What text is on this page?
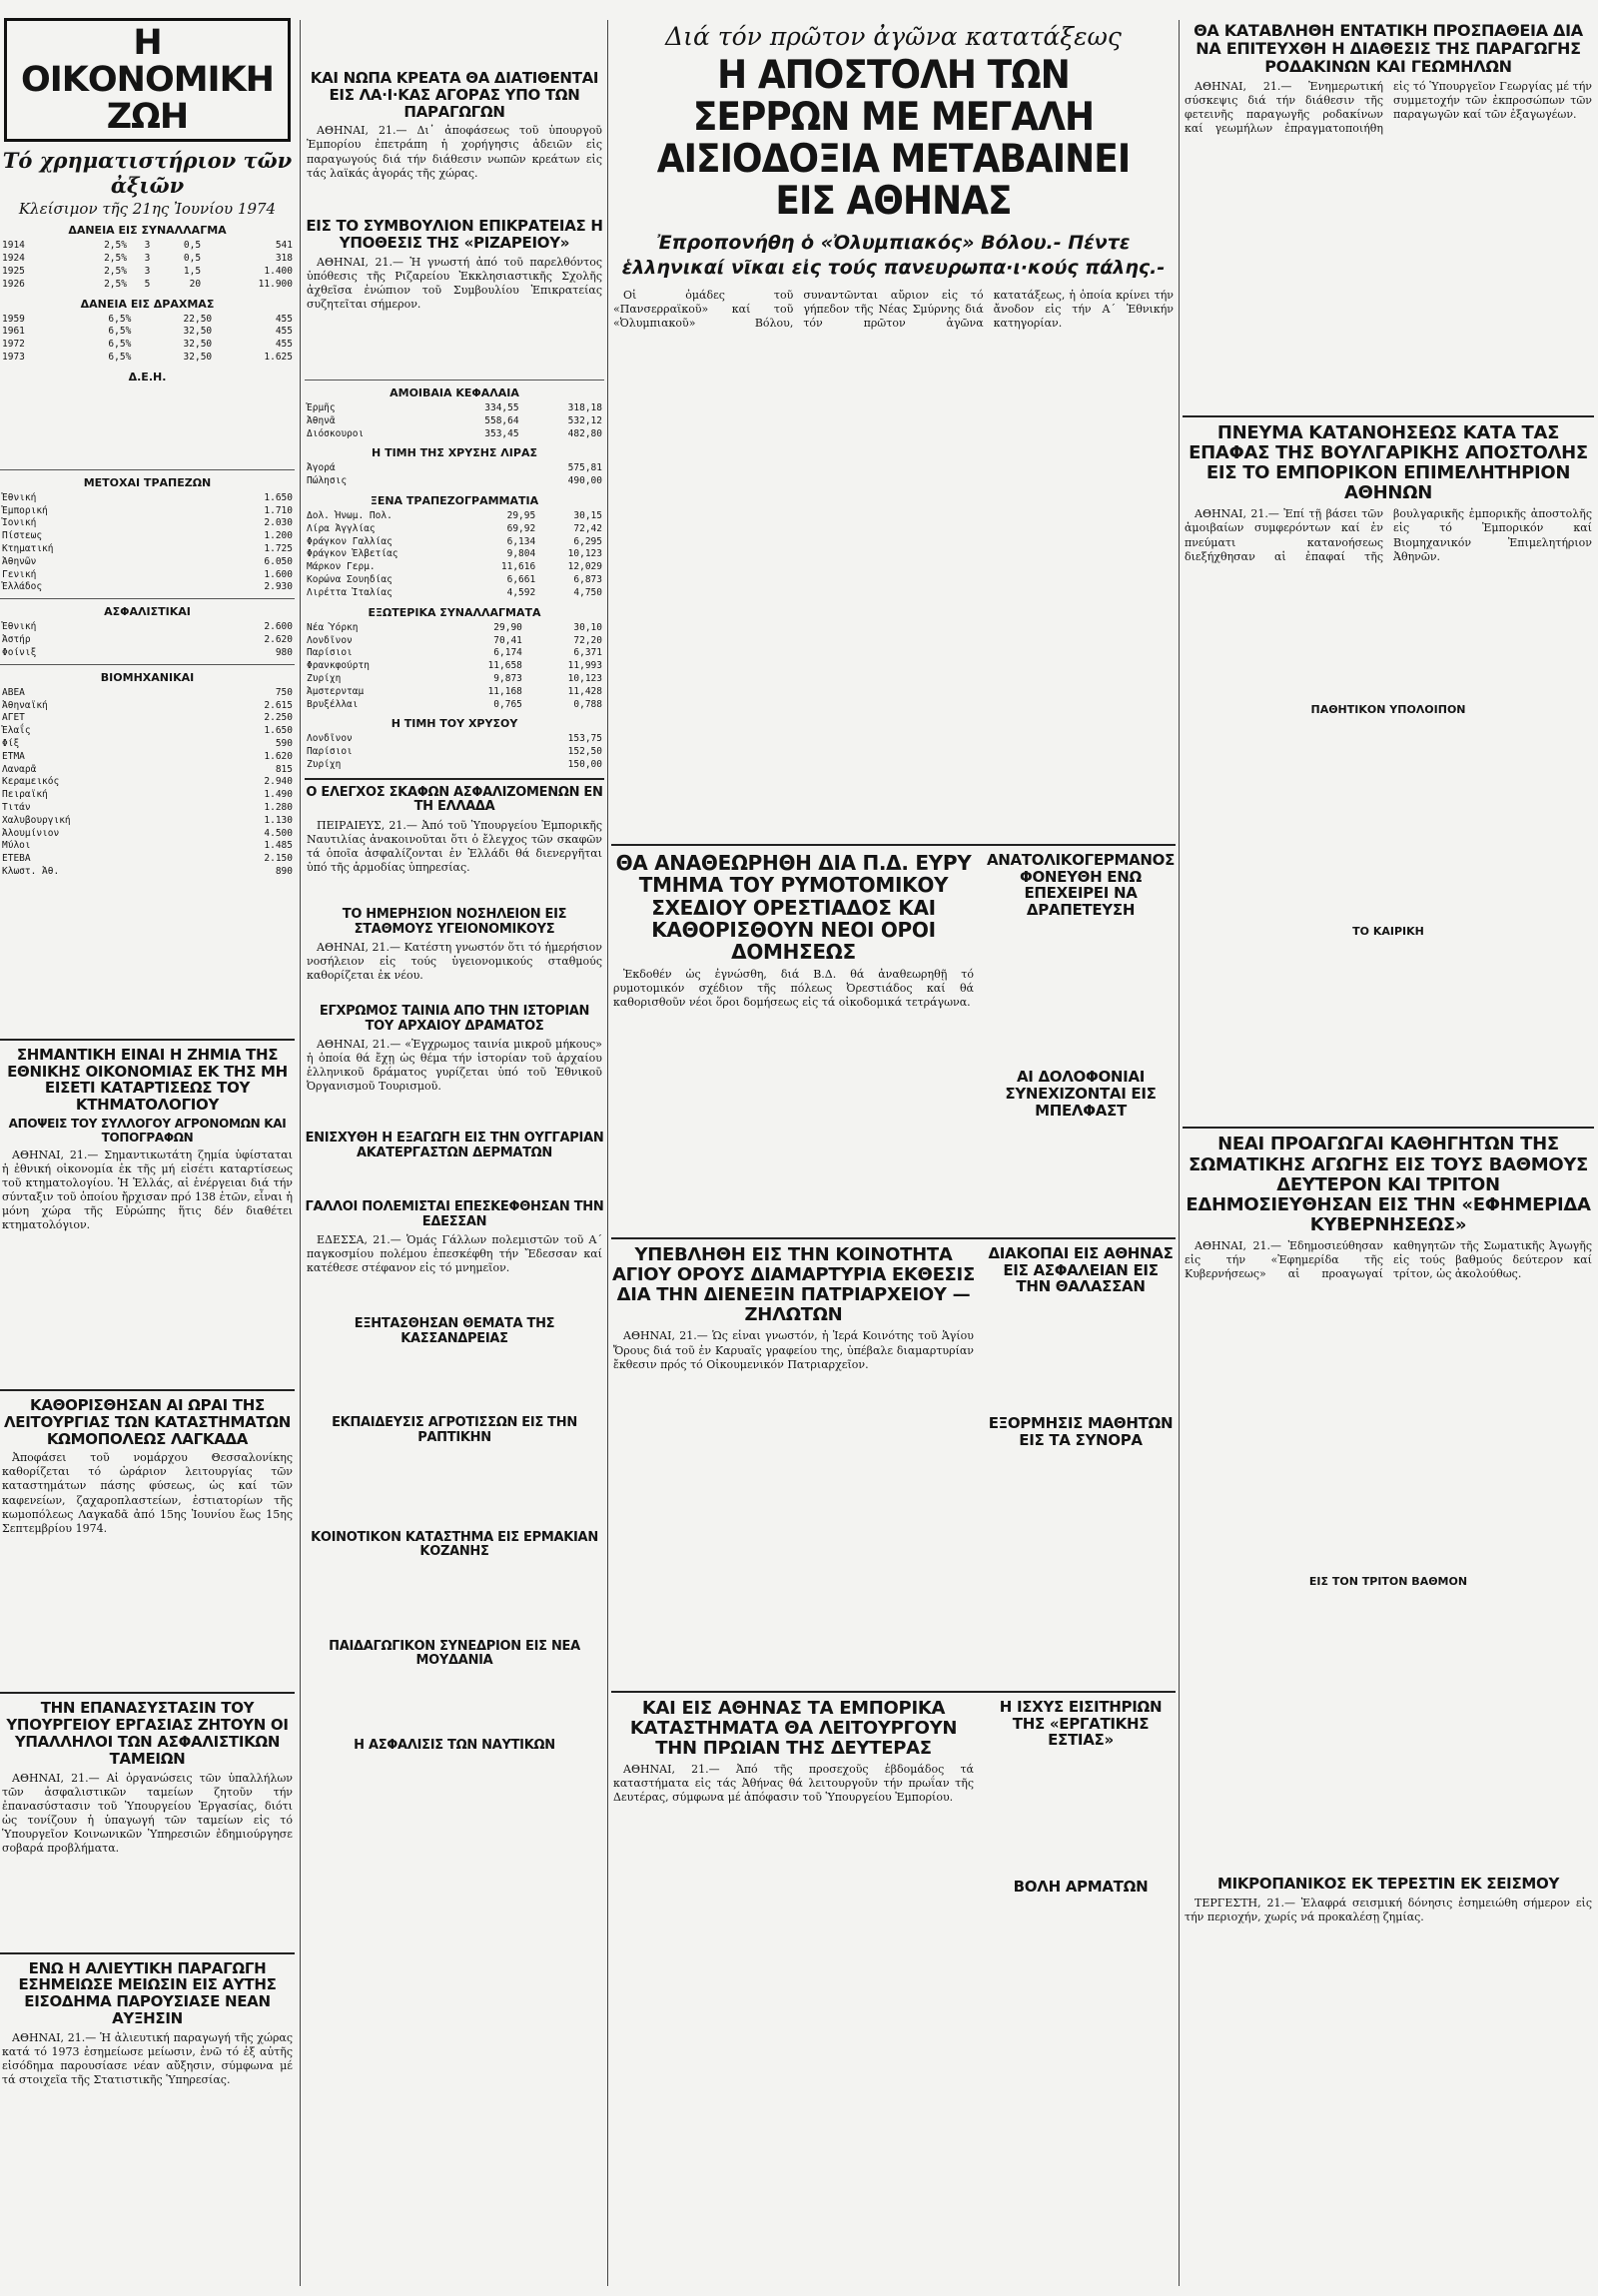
Η ΟΙΚΟΝΟΜΙΚΗ ΖΩΗ
Τό χρηματιστήριον τῶν ἀξιῶν
Κλείσιμον τῆς 21ης Ἰουνίου 1974
ΔΑΝΕΙΑ ΕΙΣ ΣΥΝΑΛΛΑΓΜΑ
1914	2,5%	3	0,5	541
1924	2,5%	3	0,5	318
1925	2,5%	3	1,5	1.400
1926	2,5%	5	20	11.900
ΔΑΝΕΙΑ ΕΙΣ ΔΡΑΧΜΑΣ
1959	6,5%	22,50	455
1961	6,5%	32,50	455
1972	6,5%	32,50	455
1973	6,5%	32,50	1.625
Δ.Ε.Η.
ΜΕΤΟΧΑΙ ΤΡΑΠΕΖΩΝ
Ἐθνική	1.650
Ἐμπορική	1.710
Ἰονική	2.030
Πίστεως	1.200
Κτηματική	1.725
Ἀθηνῶν	6.050
Γενική	1.600
Ἑλλάδος	2.930
ΑΣΦΑΛΙΣΤΙΚΑΙ
Ἐθνική	2.600
Ἀστήρ	2.620
Φοίνιξ	980
ΒΙΟΜΗΧΑΝΙΚΑΙ
ΑΒΕΑ	750
Ἀθηναϊκή	2.615
ΑΓΕΤ	2.250
Ἐλαΐς	1.650
Φίξ	590
ΕΤΜΑ	1.620
Λαναρᾶ	815
Κεραμεικός	2.940
Πειραϊκή	1.490
Τιτάν	1.280
Χαλυβουργική	1.130
Ἀλουμίνιον	4.500
Μύλοι	1.485
ΕΤΕΒΑ	2.150
Κλωστ. Ἀθ.	890
ΣΗΜΑΝΤΙΚΗ ΕΙΝΑΙ Η ΖΗΜΙΑ ΤΗΣ ΕΘΝΙΚΗΣ ΟΙΚΟΝΟΜΙΑΣ ΕΚ ΤΗΣ ΜΗ ΕΙΣΕΤΙ ΚΑΤΑΡΤΙΣΕΩΣ ΤΟΥ ΚΤΗΜΑΤΟΛΟΓΙΟΥ
ΑΠΟΨΕΙΣ ΤΟΥ ΣΥΛΛΟΓΟΥ ΑΓΡΟΝΟΜΩΝ ΚΑΙ ΤΟΠΟΓΡΑΦΩΝ

ΑΘΗΝΑΙ, 21.— Σημαντικωτάτη ζημία ὑφίσταται ἡ ἐθνική οἰκονομία ἐκ τῆς μή εἰσέτι καταρτίσεως τοῦ κτηματολογίου. Ἡ Ἑλλάς, αἱ ἐνέργειαι διά τήν σύνταξιν τοῦ ὁποίου ἤρχισαν πρό 138 ἐτῶν, εἶναι ἡ μόνη χώρα τῆς Εὐρώπης ἥτις δέν διαθέτει κτηματολόγιον.

ΚΑΘΟΡΙΣΘΗΣΑΝ ΑΙ ΩΡΑΙ ΤΗΣ ΛΕΙΤΟΥΡΓΙΑΣ ΤΩΝ ΚΑΤΑΣΤΗΜΑΤΩΝ ΚΩΜΟΠΟΛΕΩΣ ΛΑΓΚΑΔΑ

Ἀποφάσει τοῦ νομάρχου Θεσσαλονίκης καθορίζεται τό ὡράριον λειτουργίας τῶν καταστημάτων πάσης φύσεως, ὡς καί τῶν καφενείων, ζαχαροπλαστείων, ἐστιατορίων τῆς κωμοπόλεως Λαγκαδᾶ ἀπό 15ης Ἰουνίου ἕως 15ης Σεπτεμβρίου 1974.

ΤΗΝ ΕΠΑΝΑΣΥΣΤΑΣΙΝ ΤΟΥ ΥΠΟΥΡΓΕΙΟΥ ΕΡΓΑΣΙΑΣ ΖΗΤΟΥΝ ΟΙ ΥΠΑΛΛΗΛΟΙ ΤΩΝ ΑΣΦΑΛΙΣΤΙΚΩΝ ΤΑΜΕΙΩΝ

ΑΘΗΝΑΙ, 21.— Αἱ ὀργανώσεις τῶν ὑπαλλήλων τῶν ἀσφαλιστικῶν ταμείων ζητοῦν τήν ἐπανασύστασιν τοῦ Ὑπουργείου Ἐργασίας, διότι ὡς τονίζουν ἡ ὑπαγωγή τῶν ταμείων εἰς τό Ὑπουργεῖον Κοινωνικῶν Ὑπηρεσιῶν ἐδημιούργησε σοβαρά προβλήματα.

ΕΝΩ Η ΑΛΙΕΥΤΙΚΗ ΠΑΡΑΓΩΓΗ ΕΣΗΜΕΙΩΣΕ ΜΕΙΩΣΙΝ ΕΙΣ ΑΥΤΗΣ ΕΙΣΟΔΗΜΑ ΠΑΡΟΥΣΙΑΣΕ ΝΕΑΝ ΑΥΞΗΣΙΝ

ΑΘΗΝΑΙ, 21.— Ἡ ἀλιευτική παραγωγή τῆς χώρας κατά τό 1973 ἐσημείωσε μείωσιν, ἐνῶ τό ἐξ αὐτῆς εἰσόδημα παρουσίασε νέαν αὔξησιν, σύμφωνα μέ τά στοιχεῖα τῆς Στατιστικῆς Ὑπηρεσίας.

ΚΑΙ ΝΩΠΑ ΚΡΕΑΤΑ ΘΑ ΔΙΑΤΙΘΕΝΤΑΙ ΕΙΣ ΛΑ·Ι·ΚΑΣ ΑΓΟΡΑΣ ΥΠΟ ΤΩΝ ΠΑΡΑΓΩΓΩΝ

ΑΘΗΝΑΙ, 21.— Δι᾽ ἀποφάσεως τοῦ ὑπουργοῦ Ἐμπορίου ἐπετράπη ἡ χορήγησις ἀδειῶν εἰς παραγωγούς διά τήν διάθεσιν νωπῶν κρεάτων εἰς τάς λαϊκάς ἀγοράς τῆς χώρας.

ΕΙΣ ΤΟ ΣΥΜΒΟΥΛΙΟΝ ΕΠΙΚΡΑΤΕΙΑΣ Η ΥΠΟΘΕΣΙΣ ΤΗΣ «ΡΙΖΑΡΕΙΟΥ»

ΑΘΗΝΑΙ, 21.— Ἡ γνωστή ἀπό τοῦ παρελθόντος ὑπόθεσις τῆς Ριζαρείου Ἐκκλησιαστικῆς Σχολῆς ἀχθεῖσα ἐνώπιον τοῦ Συμβουλίου Ἐπικρατείας συζητεῖται σήμερον.

ΑΜΟΙΒΑΙΑ ΚΕΦΑΛΑΙΑ
Ἑρμῆς	334,55	318,18
Ἀθηνᾶ	558,64	532,12
Διόσκουροι	353,45	482,80
Η ΤΙΜΗ ΤΗΣ ΧΡΥΣΗΣ ΛΙΡΑΣ
Ἀγορά	575,81
Πώλησις	490,00
ΞΕΝΑ ΤΡΑΠΕΖΟΓΡΑΜΜΑΤΙΑ
Δολ. Ἡνωμ. Πολ.	29,95	30,15
Λίρα Ἀγγλίας	69,92	72,42
Φράγκον Γαλλίας	6,134	6,295
Φράγκον Ἑλβετίας	9,804	10,123
Μάρκον Γερμ.	11,616	12,029
Κορώνα Σουηδίας	6,661	6,873
Λιρέττα Ἰταλίας	4,592	4,750
ΕΞΩΤΕΡΙΚΑ ΣΥΝΑΛΛΑΓΜΑΤΑ
Νέα Ὑόρκη	29,90	30,10
Λονδῖνον	70,41	72,20
Παρίσιοι	6,174	6,371
Φρανκφούρτη	11,658	11,993
Ζυρίχη	9,873	10,123
Ἀμστερνταμ	11,168	11,428
Βρυξέλλαι	0,765	0,788
Η ΤΙΜΗ ΤΟΥ ΧΡΥΣΟΥ
Λονδῖνον	153,75
Παρίσιοι	152,50
Ζυρίχη	150,00
Ο ΕΛΕΓΧΟΣ ΣΚΑΦΩΝ ΑΣΦΑΛΙΖΟΜΕΝΩΝ ΕΝ ΤΗ ΕΛΛΑΔΑ

ΠΕΙΡΑΙΕΥΣ, 21.— Ἀπό τοῦ Ὑπουργείου Ἐμπορικῆς Ναυτιλίας ἀνακοινοῦται ὅτι ὁ ἔλεγχος τῶν σκαφῶν τά ὁποῖα ἀσφαλίζονται ἐν Ἑλλάδι θά διενεργῆται ὑπό τῆς ἁρμοδίας ὑπηρεσίας.

ΤΟ ΗΜΕΡΗΣΙΟΝ ΝΟΣΗΛΕΙΟΝ ΕΙΣ ΣΤΑΘΜΟΥΣ ΥΓΕΙΟΝΟΜΙΚΟΥΣ

ΑΘΗΝΑΙ, 21.— Κατέστη γνωστόν ὅτι τό ἡμερήσιον νοσήλειον εἰς τούς ὑγειονομικούς σταθμούς καθορίζεται ἐκ νέου.

ΕΓΧΡΩΜΟΣ ΤΑΙΝΙΑ ΑΠΟ ΤΗΝ ΙΣΤΟΡΙΑΝ ΤΟΥ ΑΡΧΑΙΟΥ ΔΡΑΜΑΤΟΣ

ΑΘΗΝΑΙ, 21.— «Ἐγχρωμος ταινία μικροῦ μήκους» ἡ ὁποία θά ἔχῃ ὡς θέμα τήν ἱστορίαν τοῦ ἀρχαίου ἑλληνικοῦ δράματος γυρίζεται ὑπό τοῦ Ἐθνικοῦ Ὀργανισμοῦ Τουρισμοῦ.

ΕΝΙΣΧΥΘΗ Η ΕΞΑΓΩΓΗ ΕΙΣ ΤΗΝ ΟΥΓΓΑΡΙΑΝ ΑΚΑΤΕΡΓΑΣΤΩΝ ΔΕΡΜΑΤΩΝ
ΓΑΛΛΟΙ ΠΟΛΕΜΙΣΤΑΙ ΕΠΕΣΚΕΦΘΗΣΑΝ ΤΗΝ ΕΔΕΣΣΑΝ

ΕΔΕΣΣΑ, 21.— Ὁμάς Γάλλων πολεμιστῶν τοῦ Α΄ παγκοσμίου πολέμου ἐπεσκέφθη τήν Ἔδεσσαν καί κατέθεσε στέφανον εἰς τό μνημεῖον.

ΕΞΗΤΑΣΘΗΣΑΝ ΘΕΜΑΤΑ ΤΗΣ ΚΑΣΣΑΝΔΡΕΙΑΣ
ΕΚΠΑΙΔΕΥΣΙΣ ΑΓΡΟΤΙΣΣΩΝ ΕΙΣ ΤΗΝ ΡΑΠΤΙΚΗΝ
ΚΟΙΝΟΤΙΚΟΝ ΚΑΤΑΣΤΗΜΑ ΕΙΣ ΕΡΜΑΚΙΑΝ ΚΟΖΑΝΗΣ
ΠΑΙΔΑΓΩΓΙΚΟΝ ΣΥΝΕΔΡΙΟΝ ΕΙΣ ΝΕΑ ΜΟΥΔΑΝΙΑ
Η ΑΣΦΑΛΙΣΙΣ ΤΩΝ ΝΑΥΤΙΚΩΝ
Διά τόν πρῶτον ἀγῶνα κατατάξεως
Η ΑΠΟΣΤΟΛΗ ΤΩΝ ΣΕΡΡΩΝ ΜΕ ΜΕΓΑΛΗ ΑΙΣΙΟΔΟΞΙΑ ΜΕΤΑΒΑΙΝΕΙ ΕΙΣ ΑΘΗΝΑΣ
Ἐπροπονήθη ὁ «Ὀλυμπιακός» Βόλου.- Πέντε ἑλληνικαί νῖκαι εἰς τούς πανευρωπα·ι·κούς πάλης.-

Οἱ ὀμάδες τοῦ «Πανσερραϊκοῦ» καί τοῦ «Ὀλυμπιακοῦ» Βόλου, συναντῶνται αὔριον εἰς τό γήπεδον τῆς Νέας Σμύρνης διά τόν πρῶτον ἀγῶνα κατατάξεως, ἡ ὁποία κρίνει τήν ἄνοδον εἰς τήν Α΄ Ἐθνικήν κατηγορίαν.

ΘΑ ΑΝΑΘΕΩΡΗΘΗ ΔΙΑ Π.Δ. ΕΥΡΥ ΤΜΗΜΑ ΤΟΥ ΡΥΜΟΤΟΜΙΚΟΥ ΣΧΕΔΙΟΥ ΟΡΕΣΤΙΑΔΟΣ ΚΑΙ ΚΑΘΟΡΙΣΘΟΥΝ ΝΕΟΙ ΟΡΟΙ ΔΟΜΗΣΕΩΣ

Ἐκδοθέν ὡς ἐγνώσθη, διά Β.Δ. θά ἀναθεωρηθῇ τό ρυμοτομικόν σχέδιον τῆς πόλεως Ὀρεστιάδος καί θά καθορισθοῦν νέοι ὅροι δομήσεως εἰς τά οἰκοδομικά τετράγωνα.

ΑΝΑΤΟΛΙΚΟΓΕΡΜΑΝΟΣ ΦΟΝΕΥΘΗ ΕΝΩ ΕΠΕΧΕΙΡΕΙ ΝΑ ΔΡΑΠΕΤΕΥΣΗ
ΑΙ ΔΟΛΟΦΟΝΙΑΙ ΣΥΝΕΧΙΖΟΝΤΑΙ ΕΙΣ ΜΠΕΛΦΑΣΤ
ΥΠΕΒΛΗΘΗ ΕΙΣ ΤΗΝ ΚΟΙΝΟΤΗΤΑ ΑΓΙΟΥ ΟΡΟΥΣ ΔΙΑΜΑΡΤΥΡΙΑ ΕΚΘΕΣΙΣ ΔΙΑ ΤΗΝ ΔΙΕΝΕΞΙΝ ΠΑΤΡΙΑΡΧΕΙΟΥ — ΖΗΛΩΤΩΝ

ΑΘΗΝΑΙ, 21.— Ὡς εἶναι γνωστόν, ἡ Ἱερά Κοινότης τοῦ Ἁγίου Ὄρους διά τοῦ ἐν Καρυαῖς γραφείου της, ὑπέβαλε διαμαρτυρίαν ἔκθεσιν πρός τό Οἰκουμενικόν Πατριαρχεῖον.

ΔΙΑΚΟΠΑΙ ΕΙΣ ΑΘΗΝΑΣ ΕΙΣ ΑΣΦΑΛΕΙΑΝ ΕΙΣ ΤΗΝ ΘΑΛΑΣΣΑΝ
ΕΞΟΡΜΗΣΙΣ ΜΑΘΗΤΩΝ ΕΙΣ ΤΑ ΣΥΝΟΡΑ
ΚΑΙ ΕΙΣ ΑΘΗΝΑΣ ΤΑ ΕΜΠΟΡΙΚΑ ΚΑΤΑΣΤΗΜΑΤΑ ΘΑ ΛΕΙΤΟΥΡΓΟΥΝ ΤΗΝ ΠΡΩΙΑΝ ΤΗΣ ΔΕΥΤΕΡΑΣ

ΑΘΗΝΑΙ, 21.— Ἀπό τῆς προσεχοῦς ἑβδομάδος τά καταστήματα εἰς τάς Ἀθήνας θά λειτουργοῦν τήν πρωΐαν τῆς Δευτέρας, σύμφωνα μέ ἀπόφασιν τοῦ Ὑπουργείου Ἐμπορίου.

Η ΙΣΧΥΣ ΕΙΣΙΤΗΡΙΩΝ ΤΗΣ «ΕΡΓΑΤΙΚΗΣ ΕΣΤΙΑΣ»
ΒΟΛΗ ΑΡΜΑΤΩΝ
ΘΑ ΚΑΤΑΒΛΗΘΗ ΕΝΤΑΤΙΚΗ ΠΡΟΣΠΑΘΕΙΑ ΔΙΑ ΝΑ ΕΠΙΤΕΥΧΘΗ Η ΔΙΑΘΕΣΙΣ ΤΗΣ ΠΑΡΑΓΩΓΗΣ ΡΟΔΑΚΙΝΩΝ ΚΑΙ ΓΕΩΜΗΛΩΝ

ΑΘΗΝΑΙ, 21.— Ἐνημερωτική σύσκεψις διά τήν διάθεσιν τῆς φετεινῆς παραγωγῆς ροδακίνων καί γεωμήλων ἐπραγματοποιήθη εἰς τό Ὑπουργεῖον Γεωργίας μέ τήν συμμετοχήν τῶν ἐκπροσώπων τῶν παραγωγῶν καί τῶν ἐξαγωγέων.

ΠΝΕΥΜΑ ΚΑΤΑΝΟΗΣΕΩΣ ΚΑΤΑ ΤΑΣ ΕΠΑΦΑΣ ΤΗΣ ΒΟΥΛΓΑΡΙΚΗΣ ΑΠΟΣΤΟΛΗΣ ΕΙΣ ΤΟ ΕΜΠΟΡΙΚΟΝ ΕΠΙΜΕΛΗΤΗΡΙΟΝ ΑΘΗΝΩΝ

ΑΘΗΝΑΙ, 21.— Ἐπί τῇ βάσει τῶν ἀμοιβαίων συμφερόντων καί ἐν πνεύματι κατανοήσεως διεξήχθησαν αἱ ἐπαφαί τῆς βουλγαρικῆς ἐμπορικῆς ἀποστολῆς εἰς τό Ἐμπορικόν καί Βιομηχανικόν Ἐπιμελητήριον Ἀθηνῶν.

ΠΑΘΗΤΙΚΟΝ ΥΠΟΛΟΙΠΟΝ
ΤΟ ΚΑΙΡΙΚΗ
ΝΕΑΙ ΠΡΟΑΓΩΓΑΙ ΚΑΘΗΓΗΤΩΝ ΤΗΣ ΣΩΜΑΤΙΚΗΣ ΑΓΩΓΗΣ ΕΙΣ ΤΟΥΣ ΒΑΘΜΟΥΣ ΔΕΥΤΕΡΟΝ ΚΑΙ ΤΡΙΤΟΝ ΕΔΗΜΟΣΙΕΥΘΗΣΑΝ ΕΙΣ ΤΗΝ «ΕΦΗΜΕΡΙΔΑ ΚΥΒΕΡΝΗΣΕΩΣ»

ΑΘΗΝΑΙ, 21.— Ἐδημοσιεύθησαν εἰς τήν «Ἐφημερίδα τῆς Κυβερνήσεως» αἱ προαγωγαί καθηγητῶν τῆς Σωματικῆς Ἀγωγῆς εἰς τούς βαθμούς δεύτερον καί τρίτον, ὡς ἀκολούθως.

ΕΙΣ ΤΟΝ ΤΡΙΤΟΝ ΒΑΘΜΟΝ
ΜΙΚΡΟΠΑΝΙΚΟΣ ΕΚ ΤΕΡΕΣΤΙΝ ΕΚ ΣΕΙΣΜΟΥ

ΤΕΡΓΕΣΤΗ, 21.— Ἐλαφρά σεισμική δόνησις ἐσημειώθη σήμερον εἰς τήν περιοχήν, χωρίς νά προκαλέσῃ ζημίας.
